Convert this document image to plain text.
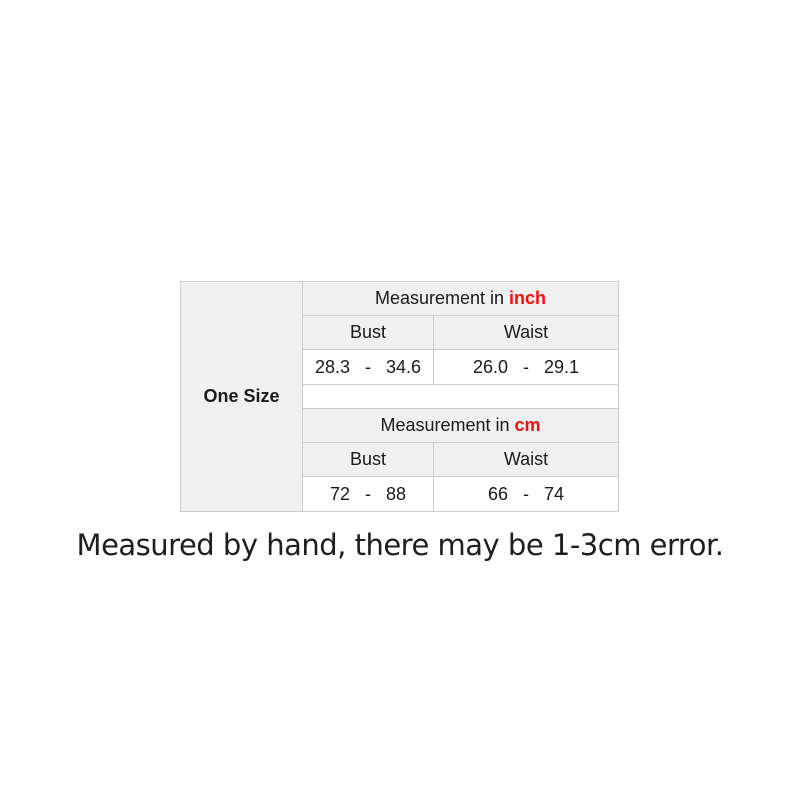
One Size	Measurement in inch	
	Bust	Waist
	28.3   -   34.6	26.0   -   29.1

	Measurement in cm	
	Bust	Waist
	72   -   88	66   -   74
Measured by hand, there may be 1-3cm error.
